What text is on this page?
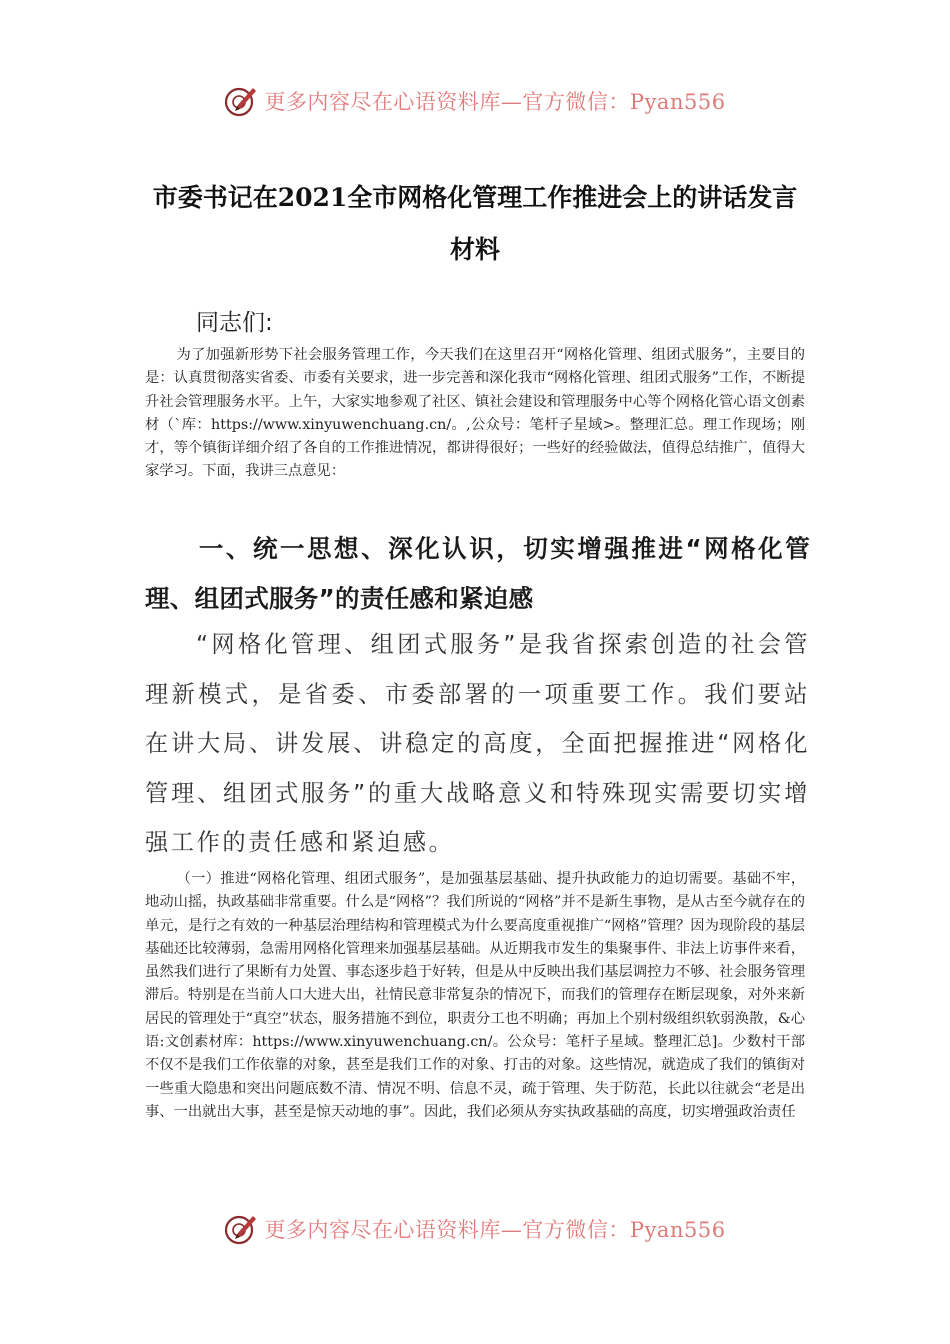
更多内容尽在心语资料库—官方微信：Pyan556
市委书记在2021全市网格化管理工作推进会上的讲话发言材料
同志们:

为了加强新形势下社会服务管理工作，今天我们在这里召开“网格化管理、组团式服务”，主要目的是：认真贯彻落实省委、市委有关要求，进一步完善和深化我市“网格化管理、组团式服务”工作，不断提升社会管理服务水平。上午，大家实地参观了社区、镇社会建设和管理服务中心等个网格化管心语文创素材（`库：https://www.xinyuwenchuang.cn/。,公众号：笔杆子星域>。整理汇总。理工作现场；刚才，等个镇街详细介绍了各自的工作推进情况，都讲得很好；一些好的经验做法，值得总结推广，值得大家学习。下面，我讲三点意见：

一、统一思想、深化认识，切实增强推进“网格化管理、组团式服务”的责任感和紧迫感

“网格化管理、组团式服务”是我省探索创造的社会管理新模式，是省委、市委部署的一项重要工作。我们要站在讲大局、讲发展、讲稳定的高度，全面把握推进“网格化管理、组团式服务”的重大战略意义和特殊现实需要切实增强工作的责任感和紧迫感。

（一）推进“网格化管理、组团式服务”，是加强基层基础、提升执政能力的迫切需要。基础不牢，地动山摇，执政基础非常重要。什么是“网格”？我们所说的“网格”并不是新生事物，是从古至今就存在的单元，是行之有效的一种基层治理结构和管理模式为什么要高度重视推广“网格”管理？因为现阶段的基层基础还比较薄弱，急需用网格化管理来加强基层基础。从近期我市发生的集聚事件、非法上访事件来看，虽然我们进行了果断有力处置、事态逐步趋于好转，但是从中反映出我们基层调控力不够、社会服务管理滞后。特别是在当前人口大进大出，社情民意非常复杂的情况下，而我们的管理存在断层现象，对外来新居民的管理处于“真空”状态，服务措施不到位，职责分工也不明确；再加上个别村级组织软弱涣散，&心语:文创素材库：https://www.xinyuwenchuang.cn/。公众号：笔杆子星域。整理汇总]。少数村干部不仅不是我们工作依靠的对象，甚至是我们工作的对象、打击的对象。这些情况，就造成了我们的镇街对一些重大隐患和突出问题底数不清、情况不明、信息不灵，疏于管理、失于防范，长此以往就会“老是出事、一出就出大事，甚至是惊天动地的事”。因此，我们必须从夯实执政基础的高度，切实增强政治责任

更多内容尽在心语资料库—官方微信：Pyan556
